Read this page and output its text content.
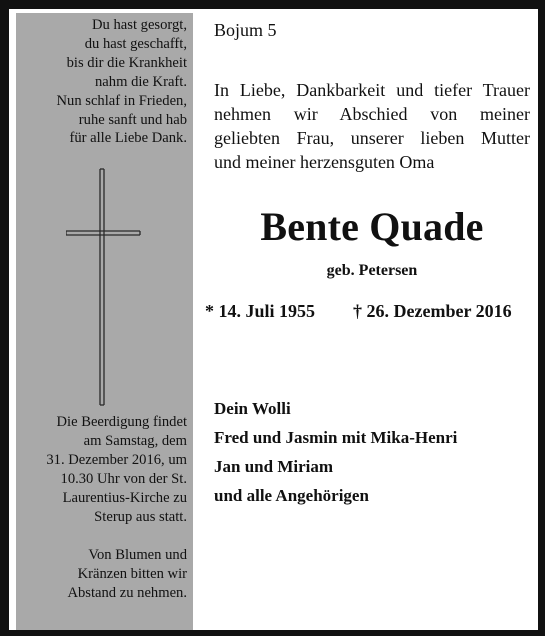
Du hast gesorgt,
du hast geschafft,
bis dir die Krankheit
nahm die Kraft.
Nun schlaf in Frieden,
ruhe sanft und hab
für alle Liebe Dank.

Die Beerdigung findet
am Samstag, dem
31. Dezember 2016, um
10.30 Uhr von der St.
Laurentius-Kirche zu
Sterup aus statt.

Von Blumen und
Kränzen bitten wir
Abstand zu nehmen.

Bojum 5

In Liebe, Dankbarkeit und tiefer Trauer
nehmen wir Abschied von meiner
geliebten Frau, unserer lieben Mutter
und meiner herzensguten Oma

Bente Quade

geb. Petersen

* 14. Juli 1955 † 26. Dezember 2016

Dein Wolli
Fred und Jasmin mit Mika-Henri
Jan und Miriam
und alle Angehörigen
